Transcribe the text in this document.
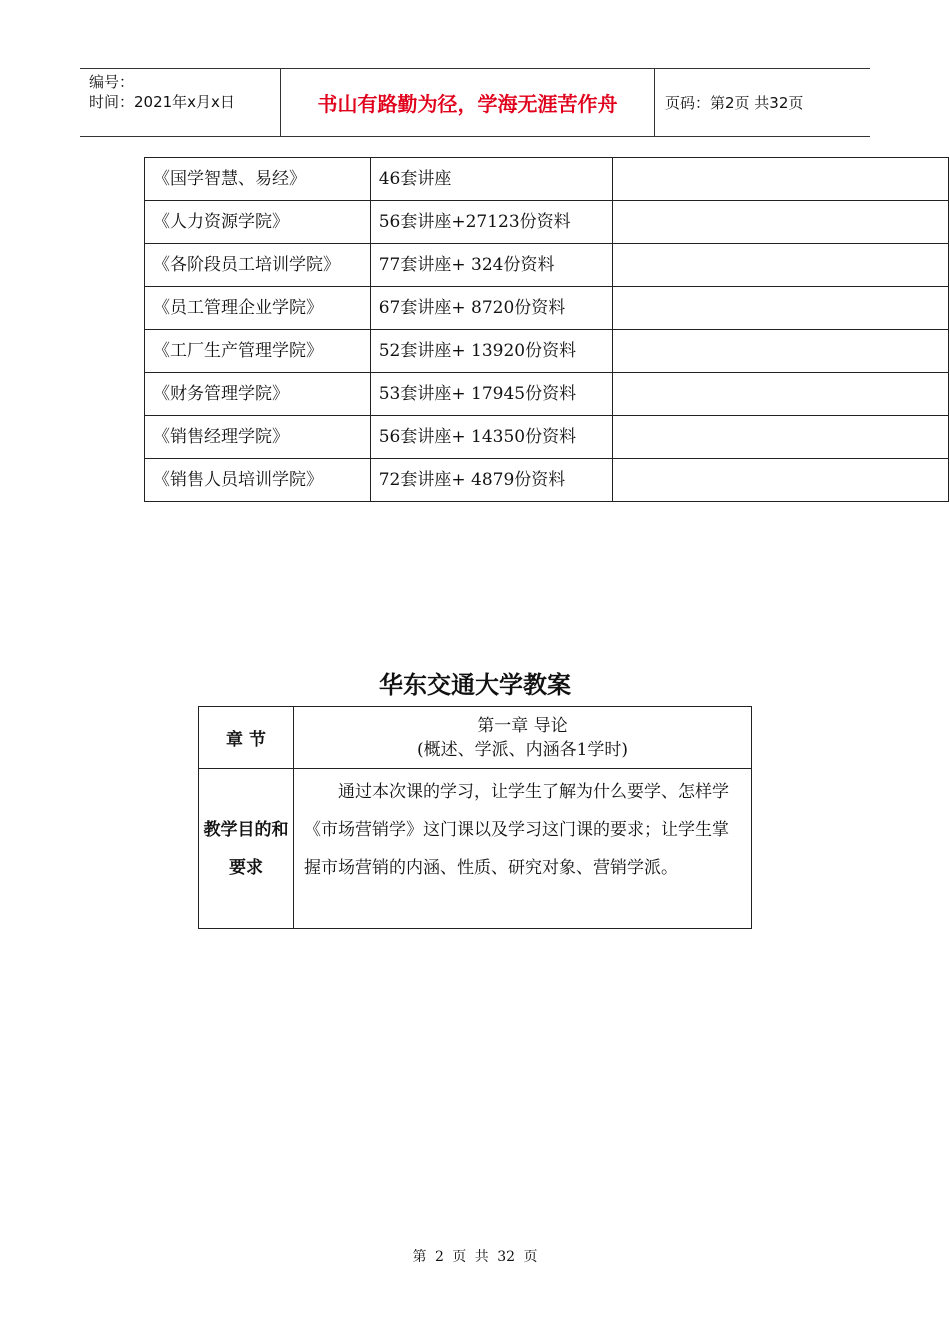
编号：
时间：2021年x月x日	书山有路勤为径，学海无涯苦作舟	页码：第2页 共32页
《国学智慧、易经》	46套讲座	
《人力资源学院》	56套讲座+27123份资料	
《各阶段员工培训学院》	77套讲座+ 324份资料	
《员工管理企业学院》	67套讲座+ 8720份资料	
《工厂生产管理学院》	52套讲座+ 13920份资料	
《财务管理学院》	53套讲座+ 17945份资料	
《销售经理学院》	56套讲座+ 14350份资料	
《销售人员培训学院》	72套讲座+ 4879份资料	
华东交通大学教案
章 节	第一章 导论
(概述、学派、内涵各1学时)

教学目的和要求	通过本次课的学习，让学生了解为什么要学、怎样学《市场营销学》这门课以及学习这门课的要求；让学生掌握市场营销的内涵、性质、研究对象、营销学派。
第 2 页 共 32 页
